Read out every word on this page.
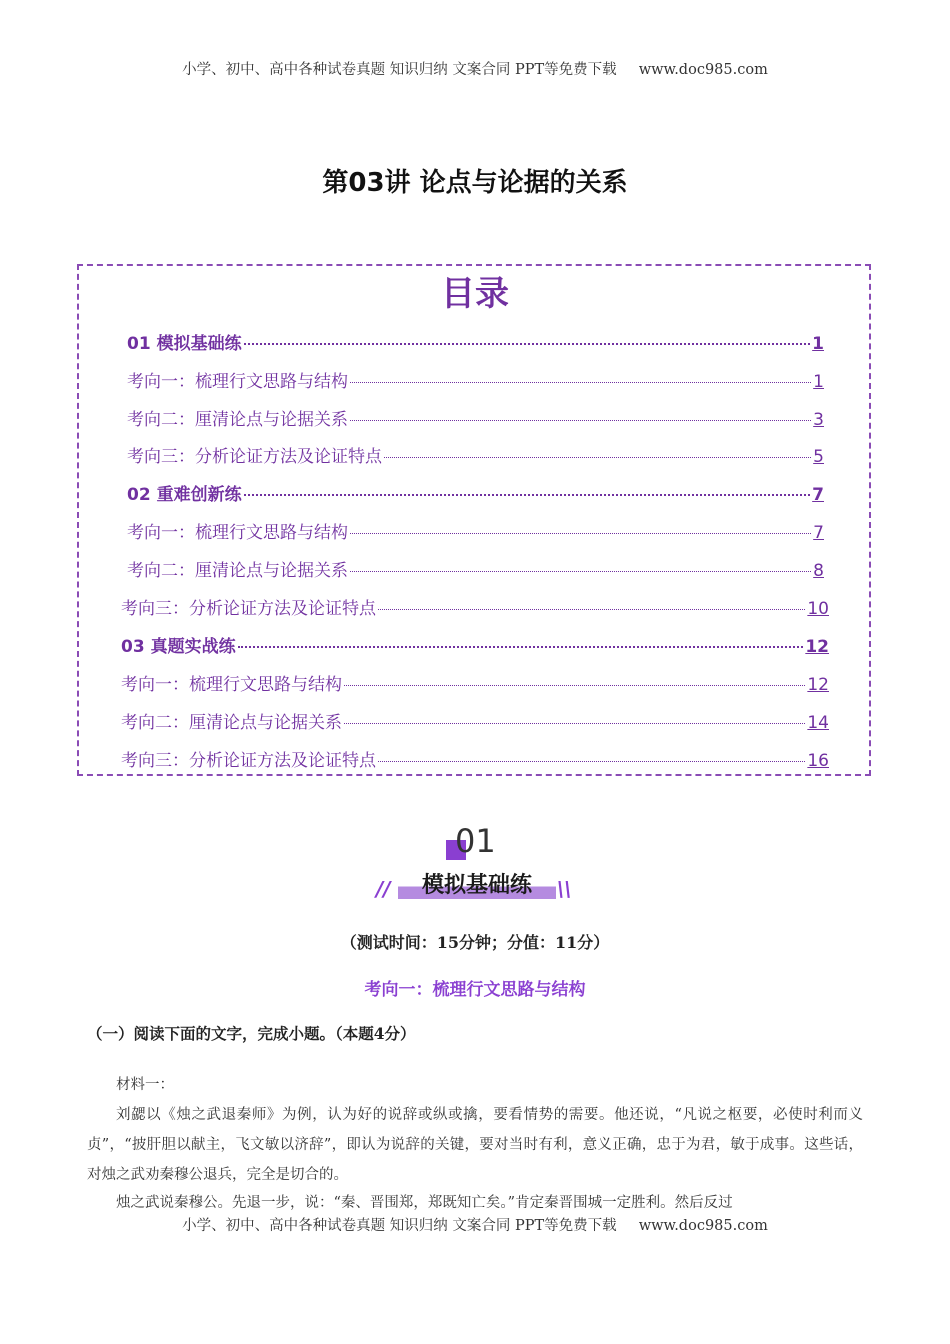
小学、初中、高中各种试卷真题 知识归纳 文案合同 PPT等免费下载 www.doc985.com
第03讲 论点与论据的关系
目录
01 模拟基础练	1
考向一：梳理行文思路与结构	1
考向二：厘清论点与论据关系	3
考向三：分析论证方法及论证特点	5
02 重难创新练	7
考向一：梳理行文思路与结构	7
考向二：厘清论点与论据关系	8
考向三：分析论证方法及论证特点	10
03 真题实战练	12
考向一：梳理行文思路与结构	12
考向二：厘清论点与论据关系	14
考向三：分析论证方法及论证特点	16
01
//	模拟基础练	\\
（测试时间：15分钟；分值：11分）
考向一：梳理行文思路与结构
（一）阅读下面的文字，完成小题。（本题4分）
材料一：
刘勰以《烛之武退秦师》为例，认为好的说辞或纵或擒，要看情势的需要。他还说，“凡说之枢要，必使时利而义贞”，“披肝胆以献主，飞文敏以济辞”，即认为说辞的关键，要对当时有利，意义正确，忠于为君，敏于成事。这些话，对烛之武劝秦穆公退兵，完全是切合的。
烛之武说秦穆公。先退一步，说：“秦、晋围郑，郑既知亡矣。”肯定秦晋围城一定胜利。然后反过
小学、初中、高中各种试卷真题 知识归纳 文案合同 PPT等免费下载 www.doc985.com
